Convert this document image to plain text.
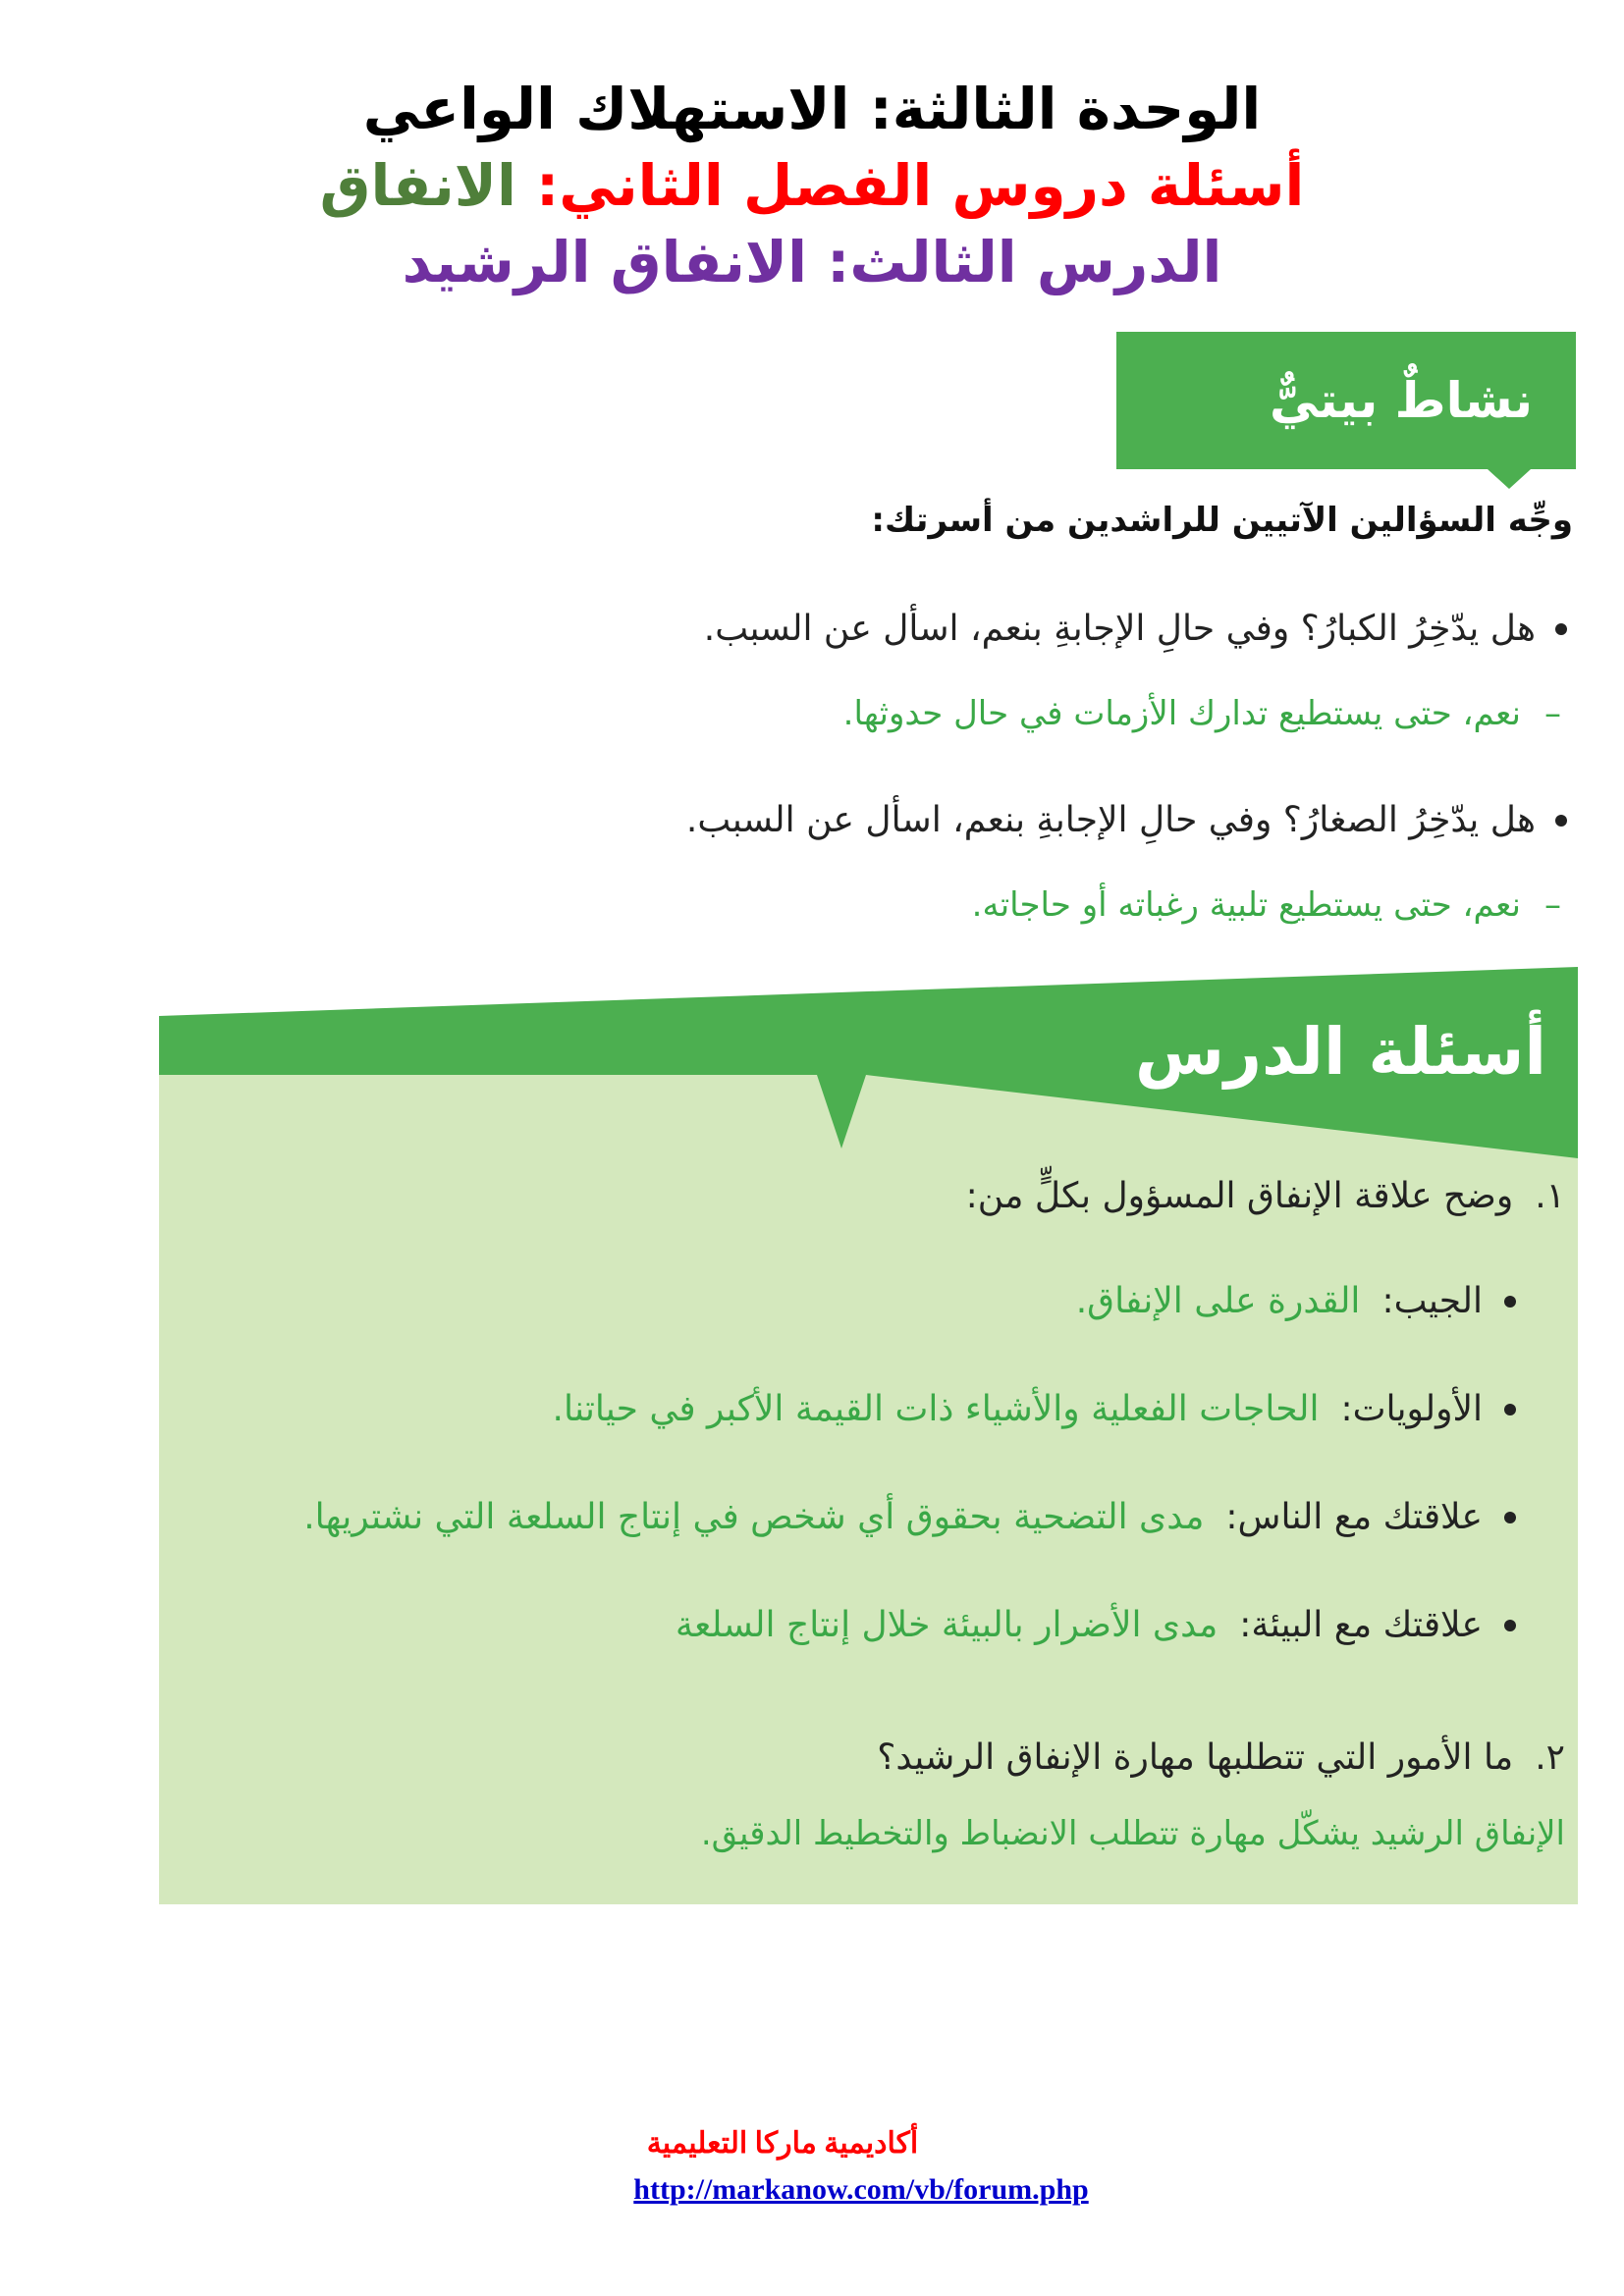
الوحدة الثالثة: الاستهلاك الواعي
أسئلة دروس الفصل الثاني: الانفاق
الدرس الثالث: الانفاق الرشيد
نشاطٌ بيتيٌّ
وجِّه السؤالين الآتيين للراشدين من أسرتك:
هل يدّخِرُ الكبارُ؟ وفي حالِ الإجابةِ بنعم، اسأل عن السبب.
–
نعم، حتى يستطيع تدارك الأزمات في حال حدوثها.
هل يدّخِرُ الصغارُ؟ وفي حالِ الإجابةِ بنعم، اسأل عن السبب.
–
نعم، حتى يستطيع تلبية رغباته أو حاجاته.
أسئلة الدرس
١.
وضح علاقة الإنفاق المسؤول بكلٍّ من:
الجيب:
القدرة على الإنفاق.
الأولويات:
الحاجات الفعلية والأشياء ذات القيمة الأكبر في حياتنا.
علاقتك مع الناس:
مدى التضحية بحقوق أي شخص في إنتاج السلعة التي نشتريها.
علاقتك مع البيئة:
مدى الأضرار بالبيئة خلال إنتاج السلعة
٢.
ما الأمور التي تتطلبها مهارة الإنفاق الرشيد؟
الإنفاق الرشيد يشكّل مهارة تتطلب الانضباط والتخطيط الدقيق.
أكاديمية ماركا التعليمية
http://markanow.com/vb/forum.php
